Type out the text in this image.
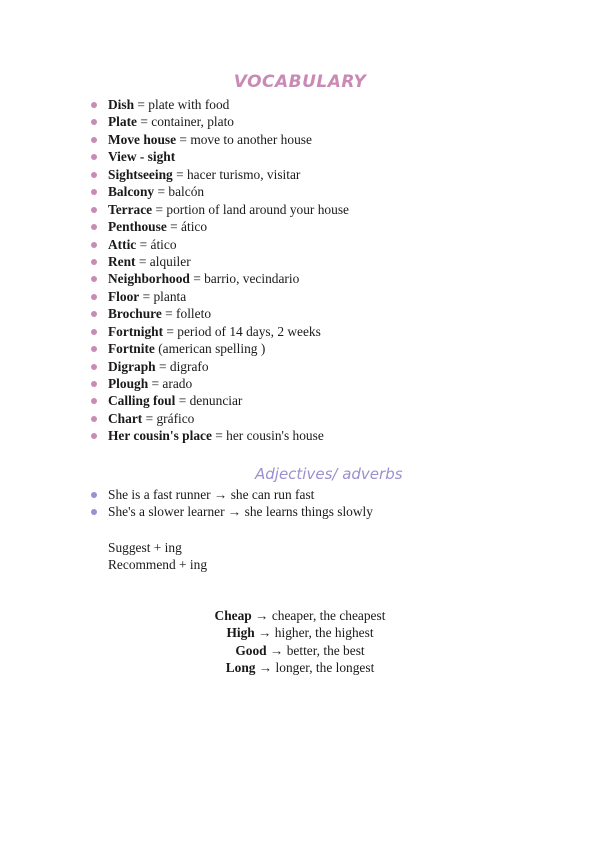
VOCABULARY
Dish = plate with food
Plate = container, plato
Move house = move to another house
View - sight
Sightseeing = hacer turismo, visitar
Balcony = balcón
Terrace = portion of land around your house
Penthouse = ático
Attic = ático
Rent = alquiler
Neighborhood = barrio, vecindario
Floor = planta
Brochure = folleto
Fortnight = period of 14 days, 2 weeks
Fortnite (american spelling )
Digraph = digrafo
Plough = arado
Calling foul = denunciar
Chart = gráfico
Her cousin's place = her cousin's house
Adjectives/ adverbs
She is a fast runner → she can run fast
She's a slower learner → she learns things slowly
Suggest + ing
Recommend + ing
Cheap → cheaper, the cheapest
High → higher, the highest
Good → better, the best
Long → longer, the longest
